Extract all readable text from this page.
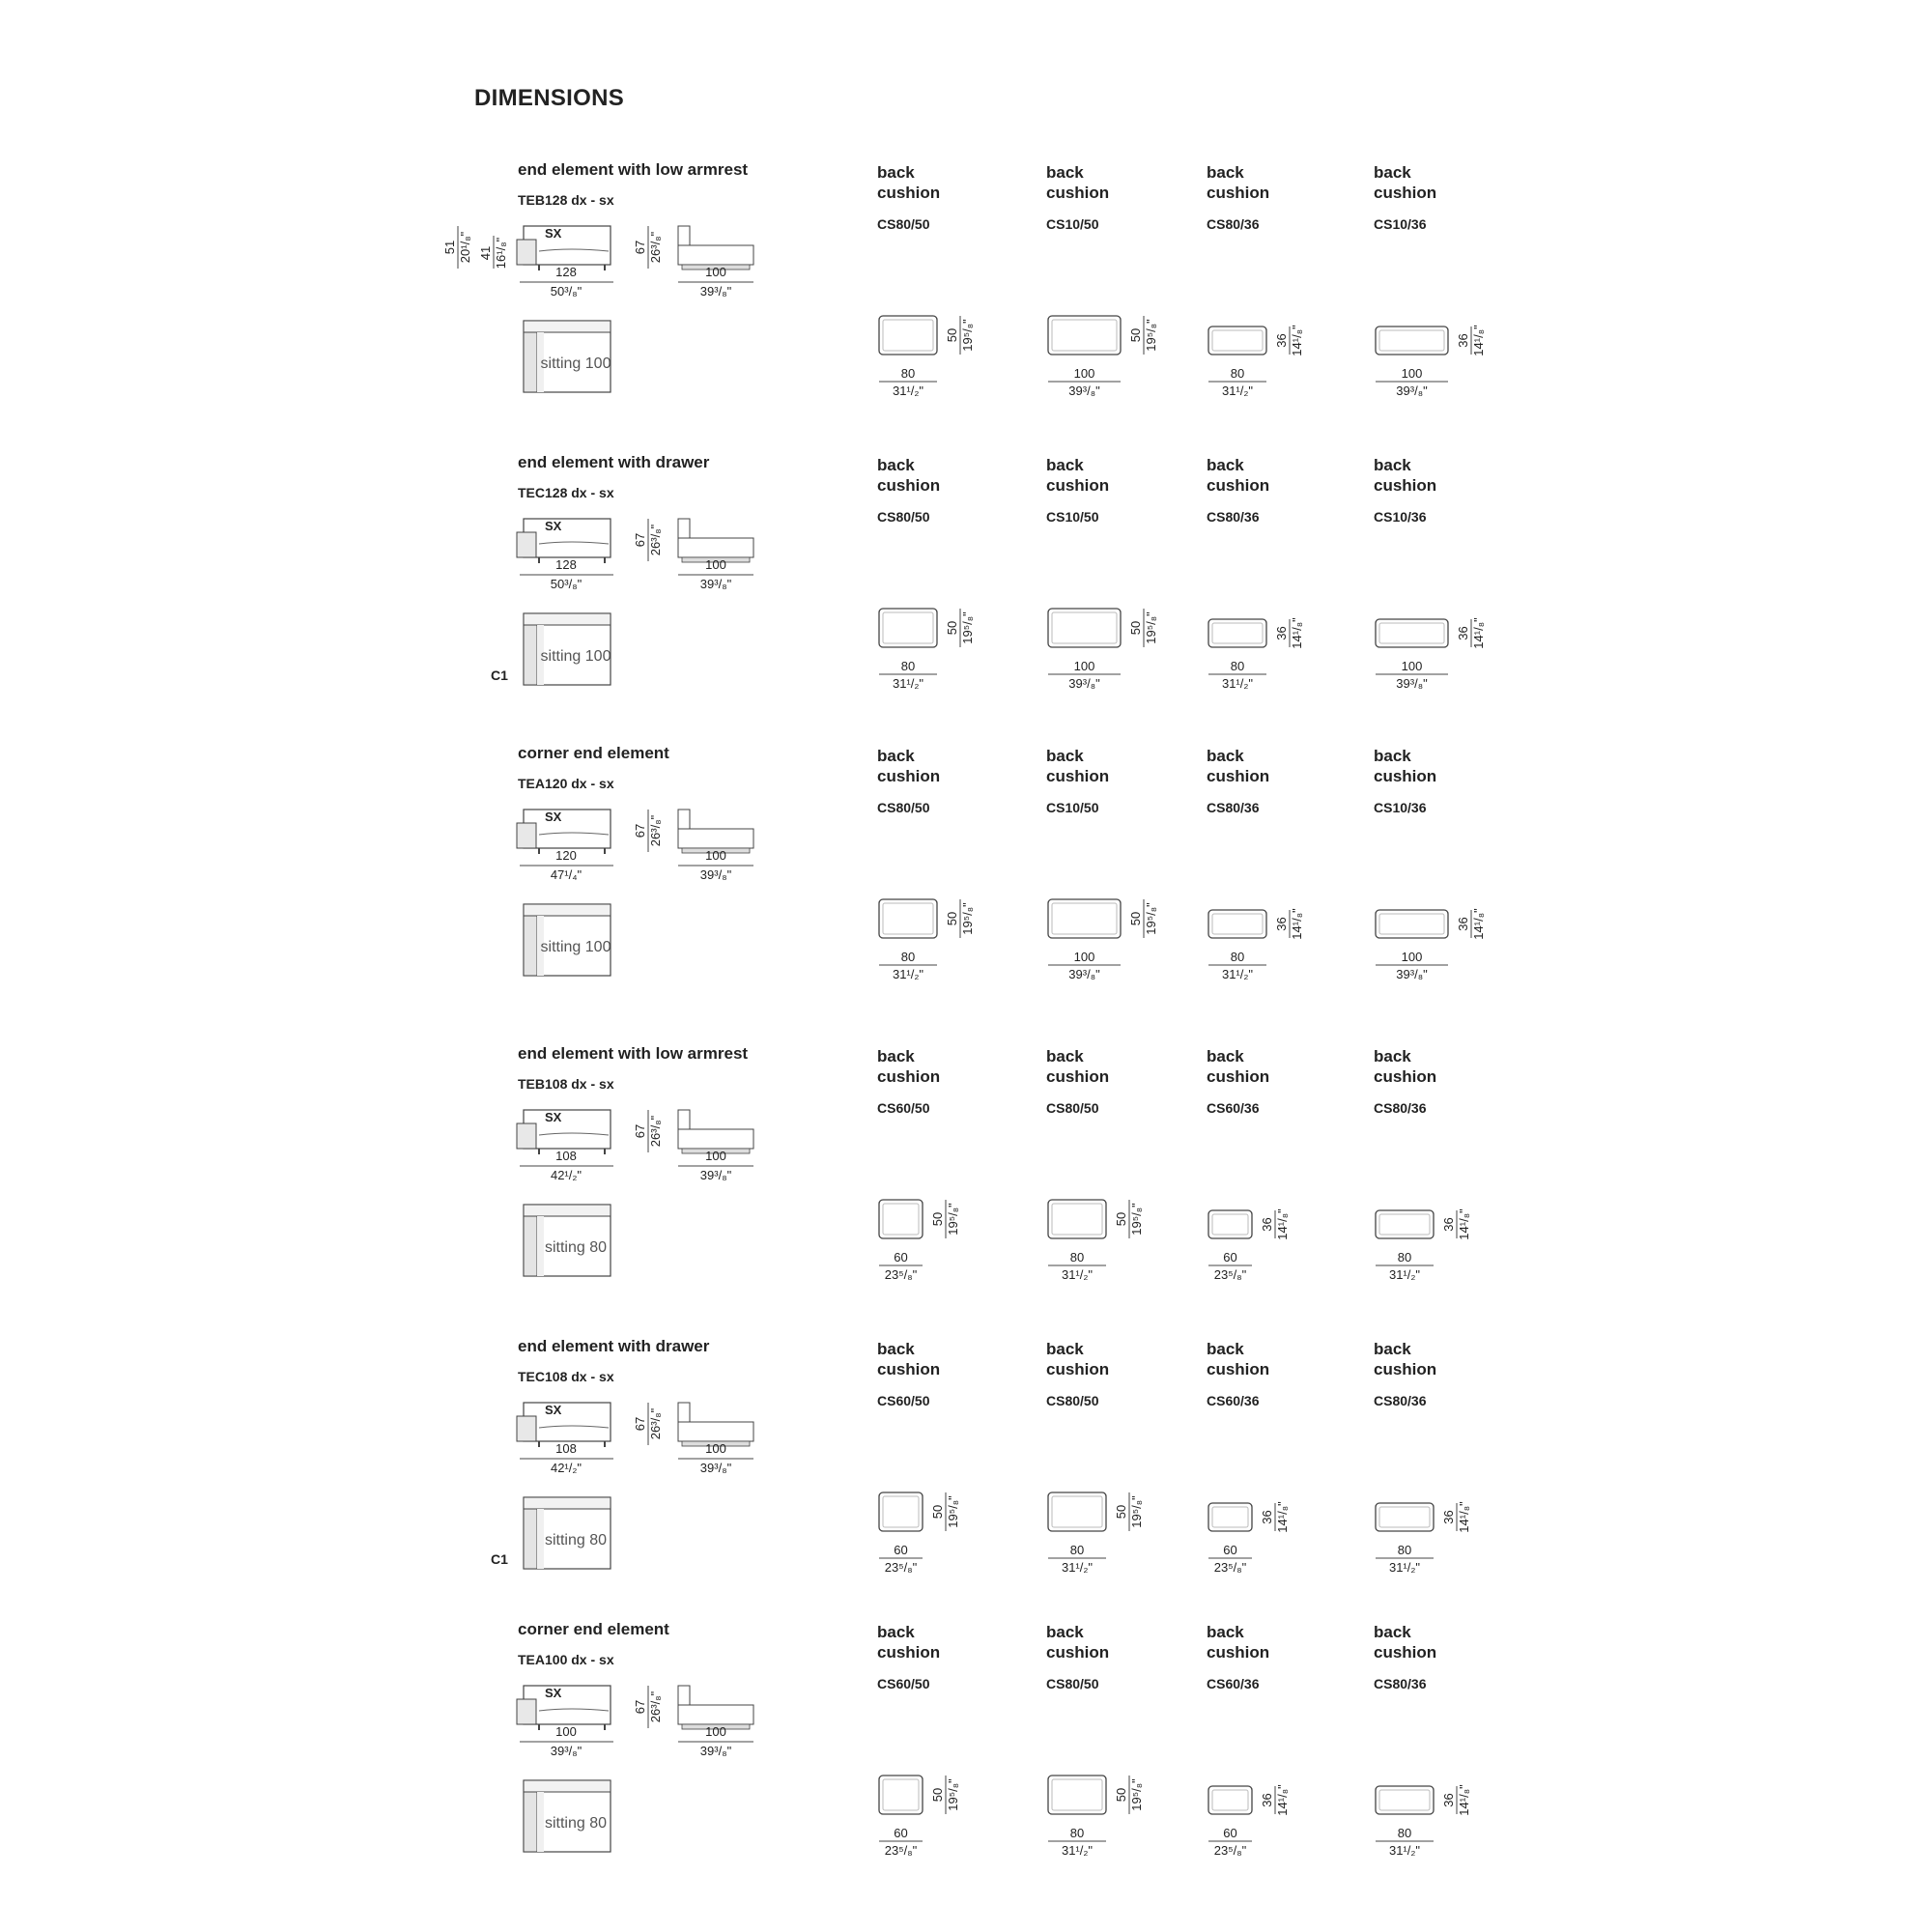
DIMENSIONS
end element with low armrest
TEB128 dx - sx
SX
128
50³/₈"
51 20¹/₈" 41 16¹/₈"	67 26³/₈"
100
39³/₈"
sitting 100
back
cushion
CS80/50
80
31¹/₂"
50 19⁵/₈"
back
cushion
CS10/50
100
39³/₈"
50 19⁵/₈"
back
cushion
CS80/36
80
31¹/₂"
36 14¹/₈"
back
cushion
CS10/36
100
39³/₈"
36 14¹/₈"
end element with drawer
TEC128 dx - sx
SX
128
50³/₈"
67 26³/₈"
100
39³/₈"
sitting 100
C1
back
cushion
CS80/50
80
31¹/₂"
50 19⁵/₈"
back
cushion
CS10/50
100
39³/₈"
50 19⁵/₈"
back
cushion
CS80/36
80
31¹/₂"
36 14¹/₈"
back
cushion
CS10/36
100
39³/₈"
36 14¹/₈"
corner end element
TEA120 dx - sx
SX
120
47¹/₄"
67 26³/₈"
100
39³/₈"
sitting 100
back
cushion
CS80/50
80
31¹/₂"
50 19⁵/₈"
back
cushion
CS10/50
100
39³/₈"
50 19⁵/₈"
back
cushion
CS80/36
80
31¹/₂"
36 14¹/₈"
back
cushion
CS10/36
100
39³/₈"
36 14¹/₈"
end element with low armrest
TEB108 dx - sx
SX
108
42¹/₂"
67 26³/₈"
100
39³/₈"
sitting 80
back
cushion
CS60/50
60
23⁵/₈"
50 19⁵/₈"
back
cushion
CS80/50
80
31¹/₂"
50 19⁵/₈"
back
cushion
CS60/36
60
23⁵/₈"
36 14¹/₈"
back
cushion
CS80/36
80
31¹/₂"
36 14¹/₈"
end element with drawer
TEC108 dx - sx
SX
108
42¹/₂"
67 26³/₈"
100
39³/₈"
sitting 80
C1
back
cushion
CS60/50
60
23⁵/₈"
50 19⁵/₈"
back
cushion
CS80/50
80
31¹/₂"
50 19⁵/₈"
back
cushion
CS60/36
60
23⁵/₈"
36 14¹/₈"
back
cushion
CS80/36
80
31¹/₂"
36 14¹/₈"
corner end element
TEA100 dx - sx
SX
100
39³/₈"
67 26³/₈"
100
39³/₈"
sitting 80
back
cushion
CS60/50
60
23⁵/₈"
50 19⁵/₈"
back
cushion
CS80/50
80
31¹/₂"
50 19⁵/₈"
back
cushion
CS60/36
60
23⁵/₈"
36 14¹/₈"
back
cushion
CS80/36
80
31¹/₂"
36 14¹/₈"
